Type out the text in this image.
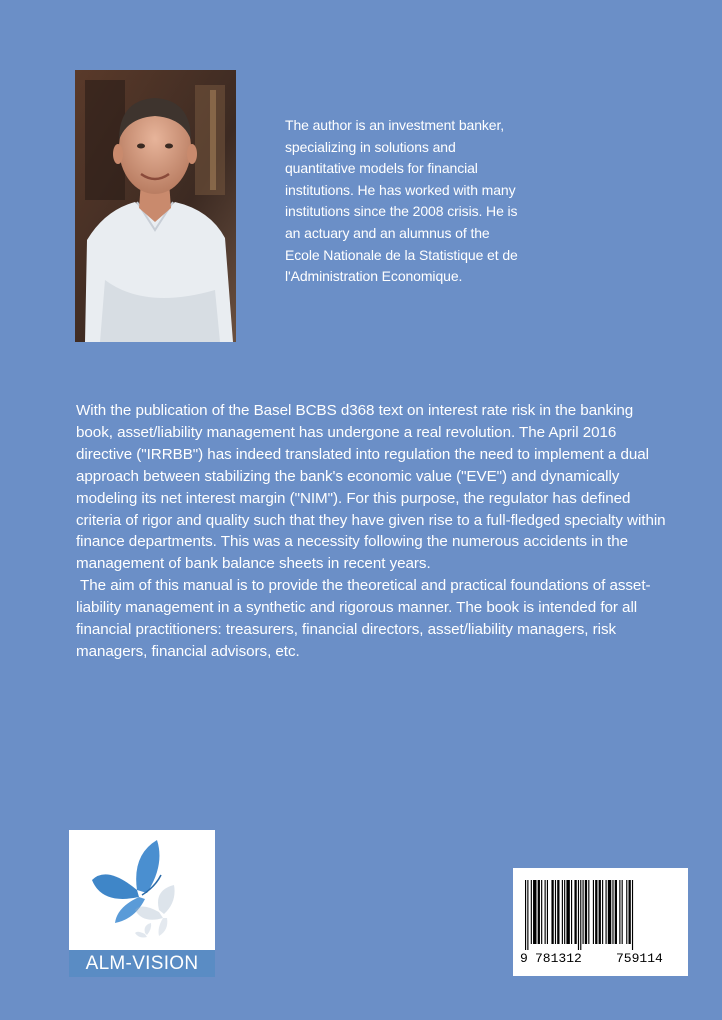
The author is an investment banker, specializing in solutions and quantitative models for financial institutions. He has worked with many institutions since the 2008 crisis. He is an actuary and an alumnus of the Ecole Nationale de la Statistique et de l'Administration Economique.

With the publication of the Basel BCBS d368 text on interest rate risk in the banking book, asset/liability management has undergone a real revolution. The April 2016 directive ("IRRBB") has indeed translated into regulation the need to implement a dual approach between stabilizing the bank's economic value ("EVE") and dynamically modeling its net interest margin ("NIM"). For this purpose, the regulator has defined criteria of rigor and quality such that they have given rise to a full-fledged specialty within finance departments. This was a necessity following the numerous accidents in the management of bank balance sheets in recent years.

The aim of this manual is to provide the theoretical and practical foundations of asset-liability management in a synthetic and rigorous manner. The book is intended for all financial practitioners: treasurers, financial directors, asset/liability managers, risk managers, financial advisors, etc.

ALM-VISION	9 781312	759114
